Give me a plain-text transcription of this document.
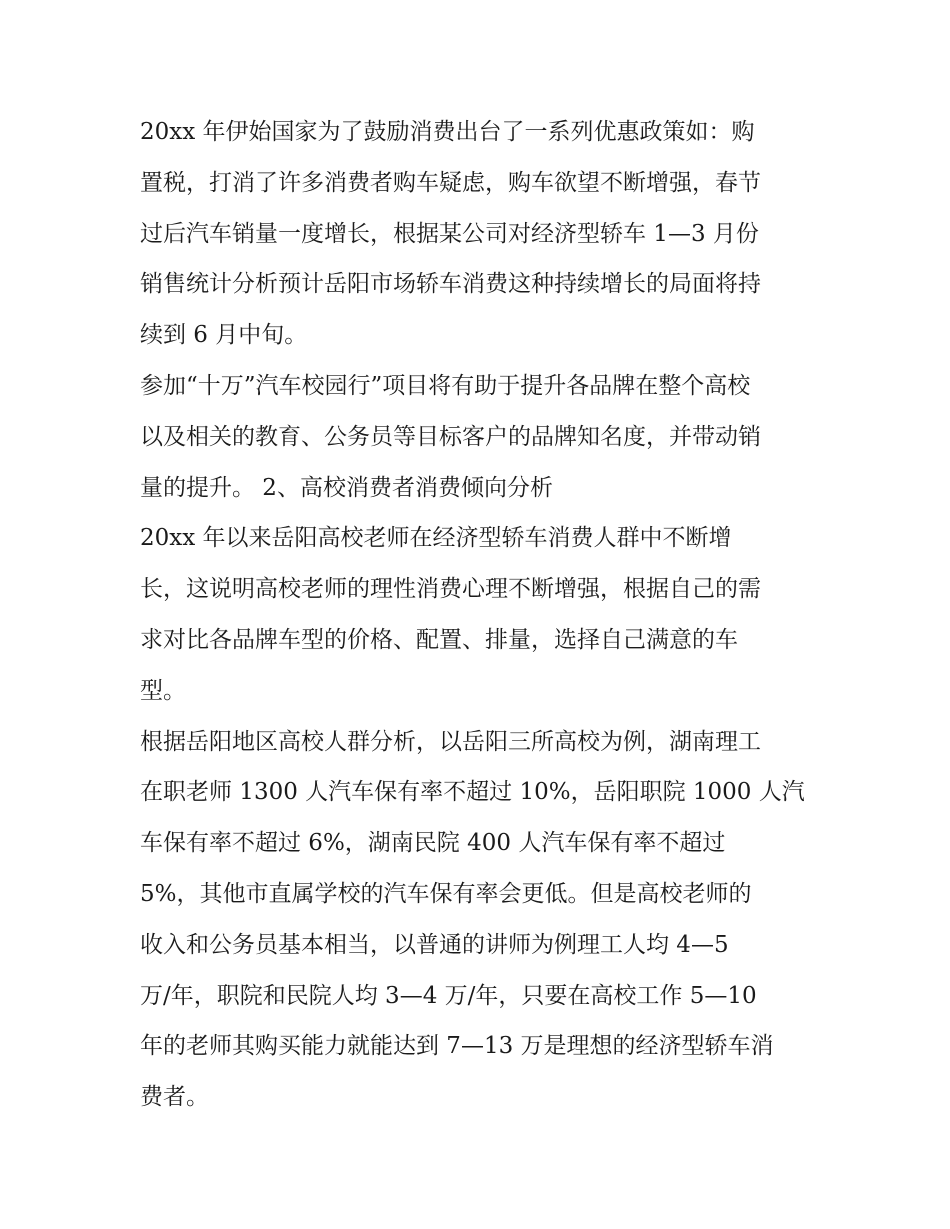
20xx 年伊始国家为了鼓励消费出台了一系列优惠政策如：购
置税，打消了许多消费者购车疑虑，购车欲望不断增强，春节
过后汽车销量一度增长，根据某公司对经济型轿车 1—3 月份
销售统计分析预计岳阳市场轿车消费这种持续增长的局面将持
续到 6 月中旬。
参加“十万”汽车校园行”项目将有助于提升各品牌在整个高校
以及相关的教育、公务员等目标客户的品牌知名度，并带动销
量的提升。 2、高校消费者消费倾向分析
20xx 年以来岳阳高校老师在经济型轿车消费人群中不断增
长，这说明高校老师的理性消费心理不断增强，根据自己的需
求对比各品牌车型的价格、配置、排量，选择自己满意的车
型。
根据岳阳地区高校人群分析，以岳阳三所高校为例，湖南理工
在职老师 1300 人汽车保有率不超过 10%，岳阳职院 1000 人汽
车保有率不超过 6%，湖南民院 400 人汽车保有率不超过
5%，其他市直属学校的汽车保有率会更低。但是高校老师的
收入和公务员基本相当，以普通的讲师为例理工人均 4—5
万/年，职院和民院人均 3—4 万/年，只要在高校工作 5—10
年的老师其购买能力就能达到 7—13 万是理想的经济型轿车消
费者。
